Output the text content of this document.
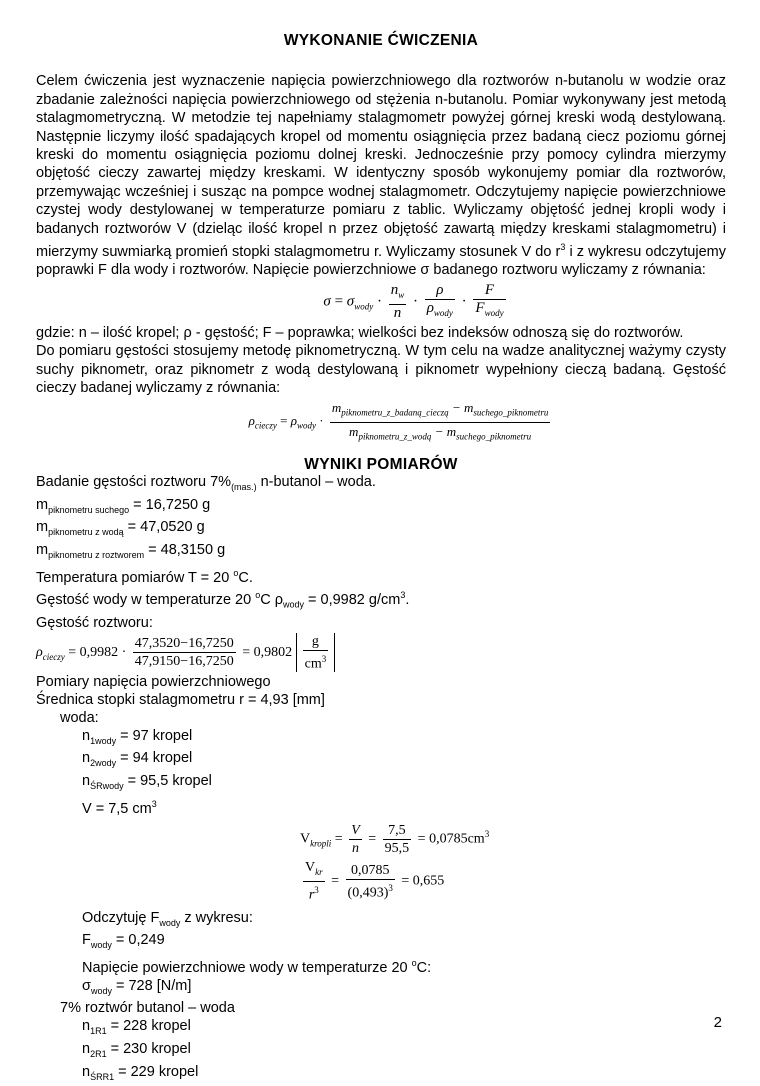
WYKONANIE ĆWICZENIA

Celem ćwiczenia jest wyznaczenie napięcia powierzchniowego dla roztworów n-butanolu w wodzie oraz zbadanie zależności napięcia powierzchniowego od stężenia n-butanolu. Pomiar wykonywany jest metodą stalagmometryczną. W metodzie tej napełniamy stalagmometr powyżej górnej kreski wodą destylowaną. Następnie liczymy ilość spadających kropel od momentu osiągnięcia przez badaną ciecz poziomu górnej kreski do momentu osiągnięcia poziomu dolnej kreski. Jednocześnie przy pomocy cylindra mierzymy objętość cieczy zawartej między kreskami. W identyczny sposób wykonujemy pomiar dla roztworów, przemywając wcześniej i susząc na pompce wodnej stalagmometr. Odczytujemy napięcie powierzchniowe czystej wody destylowanej w temperaturze pomiaru z tablic. Wyliczamy objętość jednej kropli wody i badanych roztworów V (dzieląc ilość kropel n przez objętość zawartą między kreskami stalagmometru) i mierzymy suwmiarką promień stopki stalagmometru r. Wyliczamy stosunek V do $r^3$ i z wykresu odczytujemy poprawki F dla wody i roztworów. Napięcie powierzchniowe σ badanego roztworu wyliczamy z równania:

$\sigma = \sigma_{wody} \cdot \frac{n_w}{n} \cdot \frac{\rho}{\rho_{wody}} \cdot \frac{F}{F_{wody}}$

gdzie: n – ilość kropel; ρ - gęstość; F – poprawka; wielkości bez indeksów odnoszą się do roztworów.

Do pomiaru gęstości stosujemy metodę piknometryczną. W tym celu na wadze analitycznej ważymy czysty suchy piknometr, oraz piknometr z wodą destylowaną i piknometr wypełniony cieczą badaną. Gęstość cieczy badanej wyliczamy z równania:

$\rho_{cieczy} = \rho_{wody} \cdot \frac{m_{piknometru\_z\_badaną\_cieczą} - m_{suchego\_piknometru}}{m_{piknometru\_z\_wodą} - m_{suchego\_piknometru}}$

WYNIKI POMIARÓW

Badanie gęstości roztworu $7\%_{(mas.)}$ n-butanol – woda.

$m_{piknometru suchego} = 16,7250$ g

$m_{piknometru z wodą} = 47,0520$ g

$m_{piknometru z roztworem} = 48,3150$ g

Temperatura pomiarów T = 20 $^o$C.

Gęstość wody w temperaturze 20 $^o$C $\rho_{wody} = 0,9982$ $g/cm^3$.

Gęstość roztworu:

$\rho_{cieczy} = 0,9982 \cdot \frac{47,3520-16,7250}{47,9150-16,7250} = 0,9802 \frac{g}{cm^3}$

Pomiary napięcia powierzchniowego

Średnica stopki stalagmometru r = 4,93 [mm]

woda:

$n_{1wody} = 97$ kropel

$n_{2wody} = 94$ kropel

$n_{ŚRwody} = 95,5$ kropel

V = 7,5 $cm^3$

$V_{kropli} = \frac{V}{n} = \frac{7,5}{95,5} = 0,0785cm^3$
$\frac{V_{kr}}{r^3} = \frac{0,0785}{(0,493)^3} = 0,655$

Odczytuję $F_{wody}$ z wykresu:

$F_{wody} = 0,249$

Napięcie powierzchniowe wody w temperaturze 20 $^o$C:

$\sigma_{wody} = 728$ [N/m]

7% roztwór butanol – woda

$n_{1R1} = 228$ kropel

$n_{2R1} = 230$ kropel

$n_{ŚRR1} = 229$ kropel

2
